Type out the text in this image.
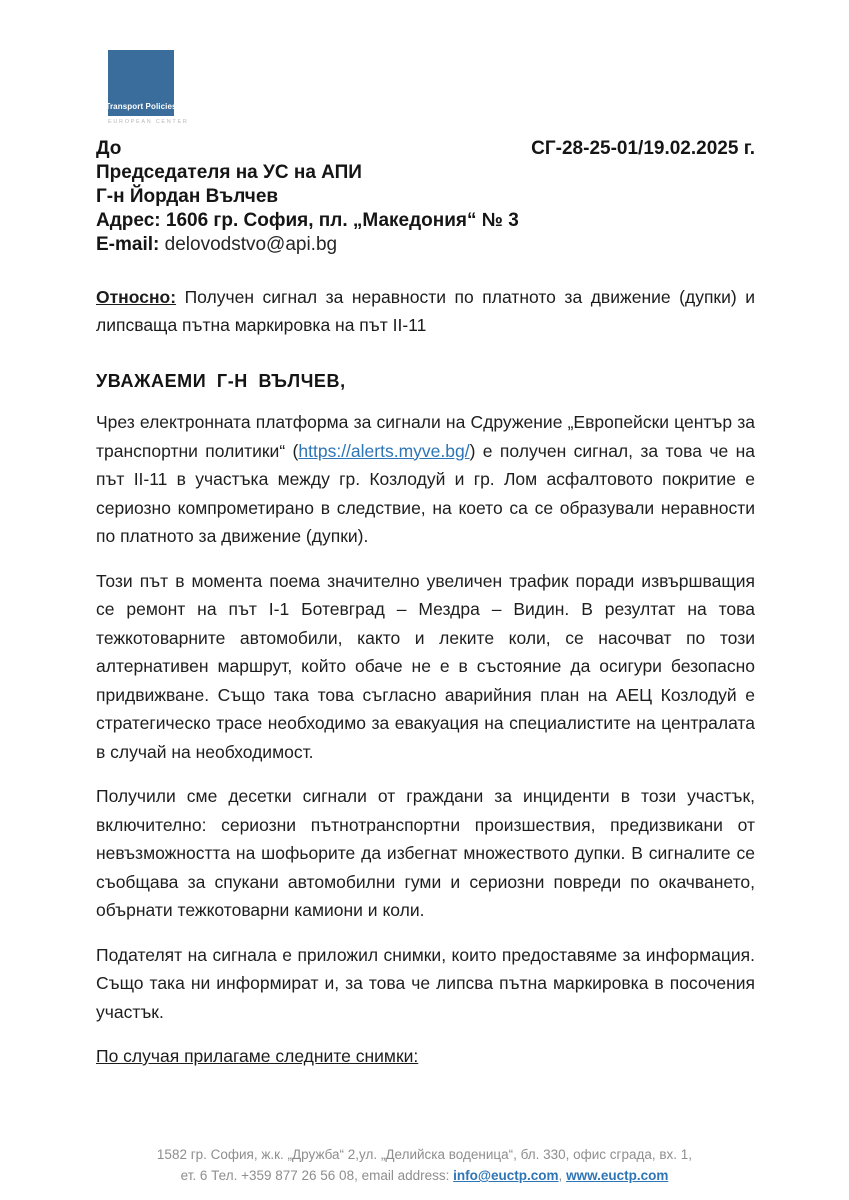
Transport Policies
EUROPEAN CENTER
До	СГ-28-25-01/19.02.2025 г.
Председателя на УС на АПИ
Г-н Йордан Вълчев
Адрес: 1606 гр. София, пл. „Македония“ № 3
E-mail: delovodstvo@api.bg

Относно: Получен сигнал за неравности по платното за движение (дупки) и липсваща пътна маркировка на път II-11

УВАЖАЕМИ Г-Н ВЪЛЧЕВ,

Чрез електронната платформа за сигнали на Сдружение „Европейски център за транспортни политики“ (https://alerts.myve.bg/) е получен сигнал, за това че на път II-11 в участъка между гр. Козлодуй и гр. Лом асфалтовото покритие е сериозно компрометирано в следствие, на което са се образували неравности по платното за движение (дупки).

Този път в момента поема значително увеличен трафик поради извършващия се ремонт на път I-1 Ботевград – Мездра – Видин. В резултат на това тежкотоварните автомобили, както и леките коли, се насочват по този алтернативен маршрут, който обаче не е в състояние да осигури безопасно придвижване. Също така това съгласно аварийния план на АЕЦ Козлодуй е стратегическо трасе необходимо за евакуация на специалистите на централата в случай на необходимост.

Получили сме десетки сигнали от граждани за инциденти в този участък, включително: сериозни пътнотранспортни произшествия, предизвикани от невъзможността на шофьорите да избегнат множеството дупки. В сигналите се съобщава за спукани автомобилни гуми и сериозни повреди по окачването, обърнати тежкотоварни камиони и коли.

Подателят на сигнала е приложил снимки, които предоставяме за информация. Също така ни информират и, за това че липсва пътна маркировка в посочения участък.

По случая прилагаме следните снимки:

1582 гр. София, ж.к. „Дружба“ 2,ул. „Делийска воденица“, бл. 330, офис сграда, вх. 1,
ет. 6 Тел. +359 877 26 56 08, email address: info@euctp.com, www.euctp.com
